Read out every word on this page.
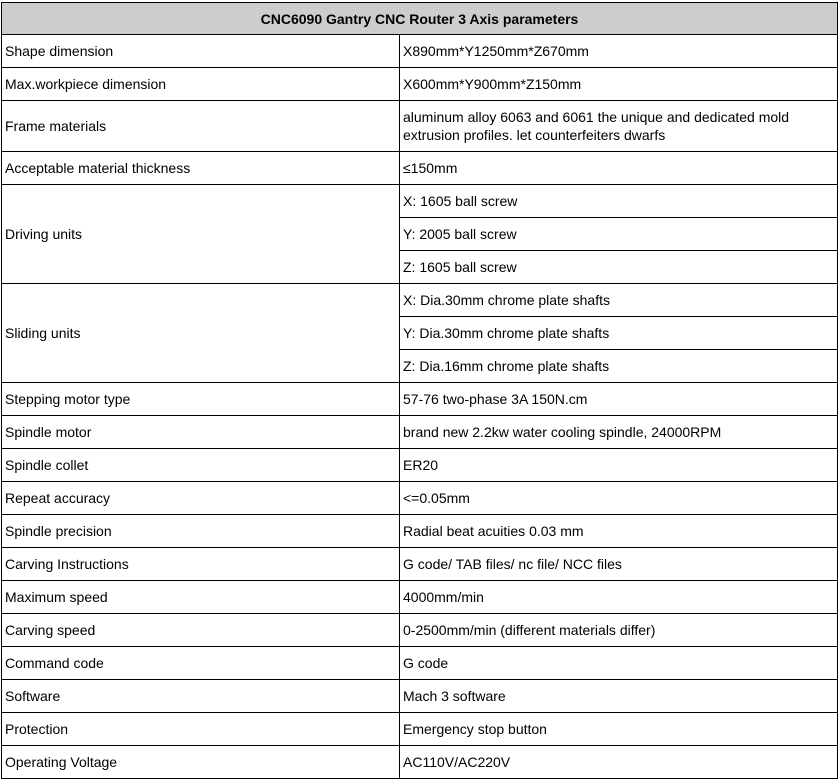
CNC6090 Gantry CNC Router 3 Axis parameters	
Shape dimension	X890mm*Y1250mm*Z670mm
Max.workpiece dimension	X600mm*Y900mm*Z150mm
Frame materials	aluminum alloy 6063 and 6061 the unique and dedicated mold extrusion profiles. let counterfeiters dwarfs
Acceptable material thickness	≤150mm
Driving units	X: 1605 ball screw
	Y: 2005 ball screw
	Z: 1605 ball screw
Sliding units	X: Dia.30mm chrome plate shafts
	Y: Dia.30mm chrome plate shafts
	Z: Dia.16mm chrome plate shafts
Stepping motor type	57-76 two-phase 3A 150N.cm
Spindle motor	brand new 2.2kw water cooling spindle, 24000RPM
Spindle collet	ER20
Repeat accuracy	<=0.05mm
Spindle precision	Radial beat acuities 0.03 mm
Carving Instructions	G code/ TAB files/ nc file/ NCC files
Maximum speed	4000mm/min
Carving speed	0-2500mm/min (different materials differ)
Command code	G code
Software	Mach 3 software
Protection	Emergency stop button
Operating Voltage	AC110V/AC220V
